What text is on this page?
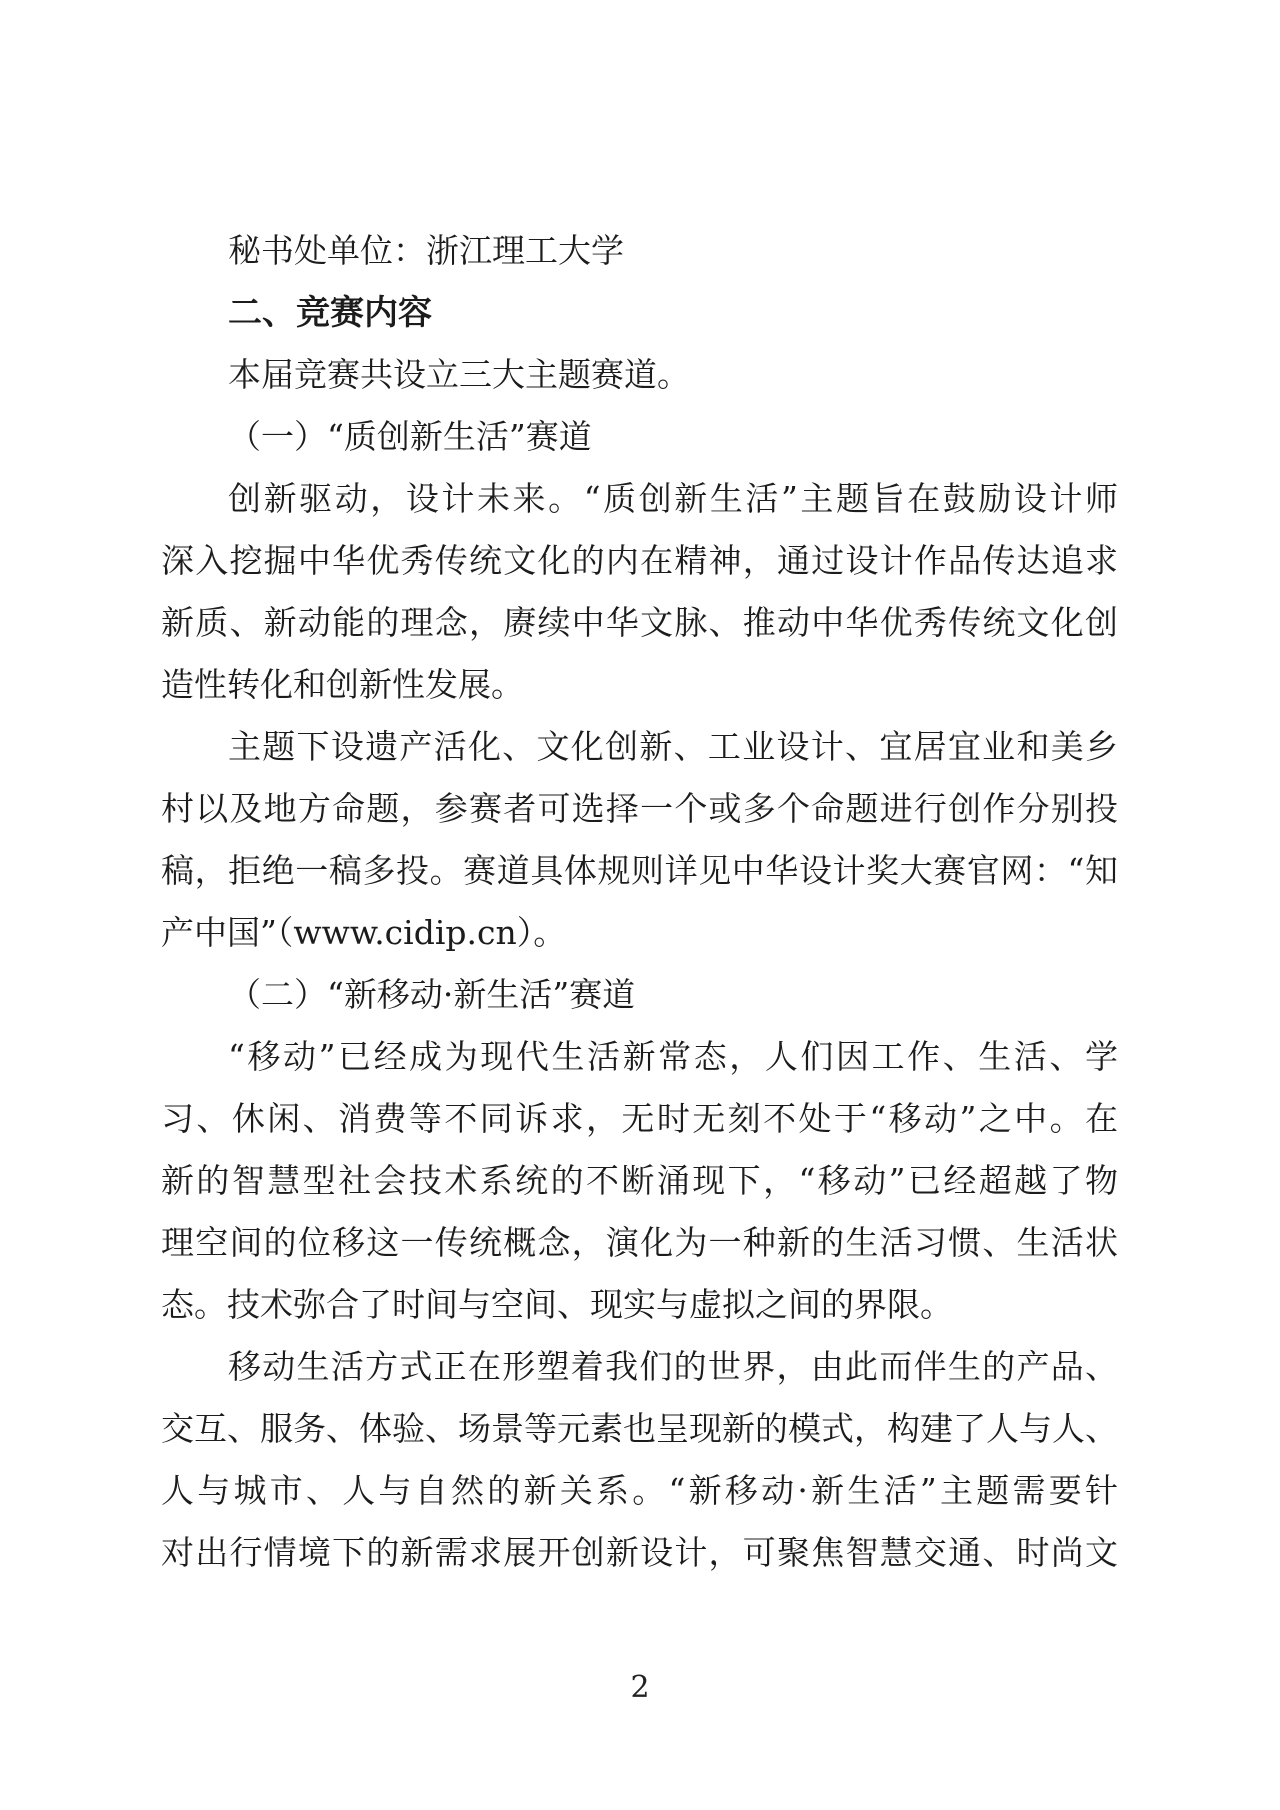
秘书处单位：浙江理工大学
二、竞赛内容
本届竞赛共设立三大主题赛道。
（一）“质创新生活”赛道
创新驱动，设计未来。“质创新生活”主题旨在鼓励设计师
深入挖掘中华优秀传统文化的内在精神，通过设计作品传达追求
新质、新动能的理念，赓续中华文脉、推动中华优秀传统文化创
造性转化和创新性发展。
主题下设遗产活化、文化创新、工业设计、宜居宜业和美乡
村以及地方命题，参赛者可选择一个或多个命题进行创作分别投
稿，拒绝一稿多投。赛道具体规则详见中华设计奖大赛官网：“知
产中国”（www.cidip.cn）。
（二）“新移动·新生活”赛道
“移动”已经成为现代生活新常态，人们因工作、生活、学
习、休闲、消费等不同诉求，无时无刻不处于“移动”之中。在
新的智慧型社会技术系统的不断涌现下，“移动”已经超越了物
理空间的位移这一传统概念，演化为一种新的生活习惯、生活状
态。技术弥合了时间与空间、现实与虚拟之间的界限。
移动生活方式正在形塑着我们的世界，由此而伴生的产品、
交互、服务、体验、场景等元素也呈现新的模式，构建了人与人、
人与城市、人与自然的新关系。“新移动·新生活”主题需要针
对出行情境下的新需求展开创新设计，可聚焦智慧交通、时尚文
2
